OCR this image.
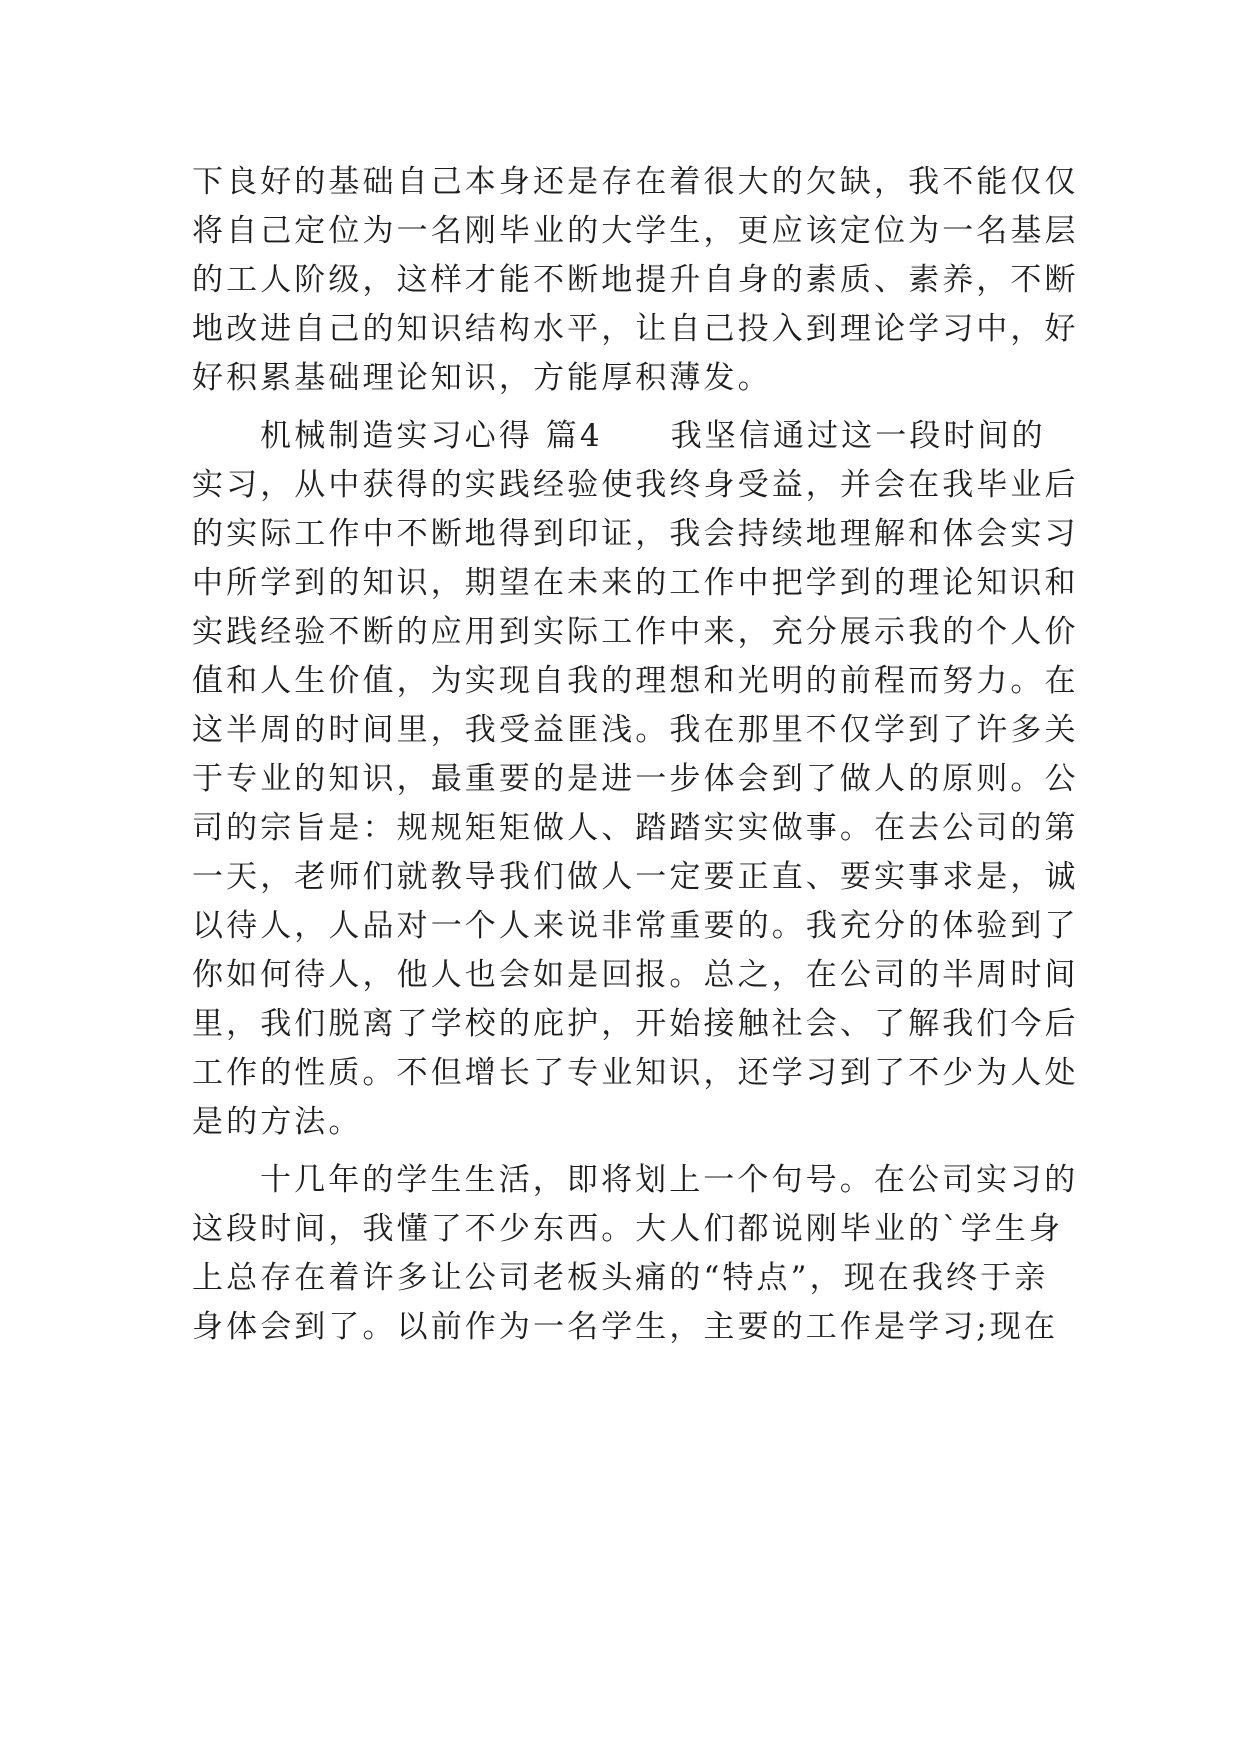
下良好的基础自己本身还是存在着很大的欠缺，我不能仅仅
将自己定位为一名刚毕业的大学生，更应该定位为一名基层
的工人阶级，这样才能不断地提升自身的素质、素养，不断
地改进自己的知识结构水平，让自己投入到理论学习中，好
好积累基础理论知识，方能厚积薄发。
机械制造实习心得 篇4 我坚信通过这一段时间的
实习，从中获得的实践经验使我终身受益，并会在我毕业后
的实际工作中不断地得到印证，我会持续地理解和体会实习
中所学到的知识，期望在未来的工作中把学到的理论知识和
实践经验不断的应用到实际工作中来，充分展示我的个人价
值和人生价值，为实现自我的理想和光明的前程而努力。在
这半周的时间里，我受益匪浅。我在那里不仅学到了许多关
于专业的知识，最重要的是进一步体会到了做人的原则。公
司的宗旨是：规规矩矩做人、踏踏实实做事。在去公司的第
一天，老师们就教导我们做人一定要正直、要实事求是，诚
以待人，人品对一个人来说非常重要的。我充分的体验到了
你如何待人，他人也会如是回报。总之，在公司的半周时间
里，我们脱离了学校的庇护，开始接触社会、了解我们今后
工作的性质。不但增长了专业知识，还学习到了不少为人处
是的方法。
十几年的学生生活，即将划上一个句号。在公司实习的
这段时间，我懂了不少东西。大人们都说刚毕业的`学生身
上总存在着许多让公司老板头痛的“特点”，现在我终于亲
身体会到了。以前作为一名学生，主要的工作是学习;现在
